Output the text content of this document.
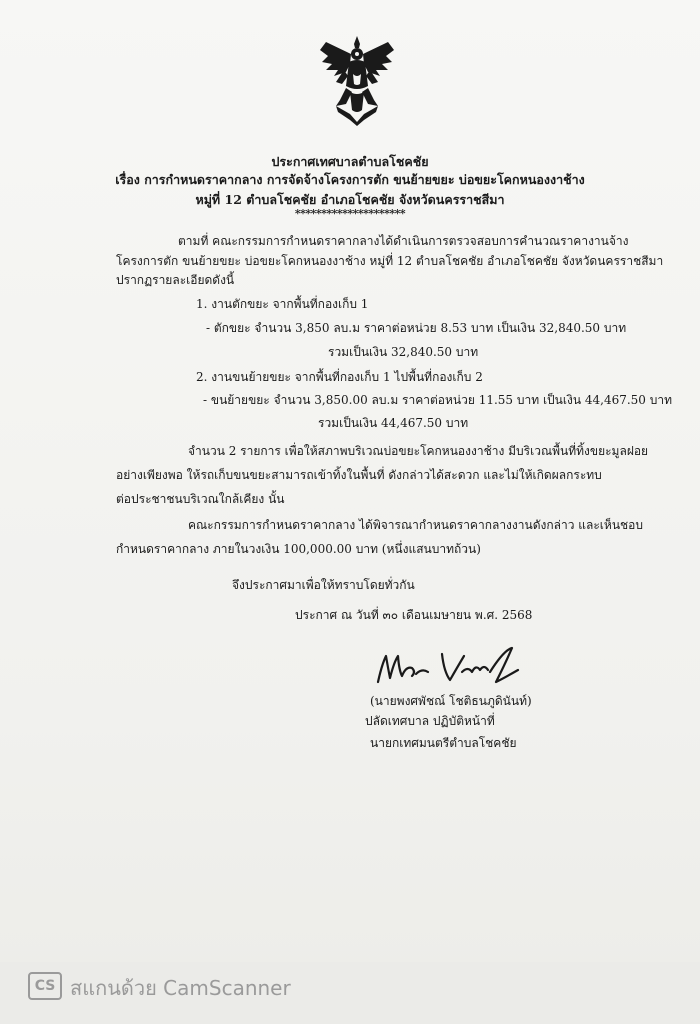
ประกาศเทศบาลตำบลโชคชัย
เรื่อง การกำหนดราคากลาง การจัดจ้างโครงการตัก ขนย้ายขยะ บ่อขยะโคกหนองงาช้าง
หมู่ที่ 12 ตำบลโชคชัย อำเภอโชคชัย จังหวัดนครราชสีมา
*********************
ตามที่ คณะกรรมการกำหนดราคากลางได้ดำเนินการตรวจสอบการคำนวณราคางานจ้าง
โครงการตัก ขนย้ายขยะ บ่อขยะโคกหนองงาช้าง หมู่ที่ 12 ตำบลโชคชัย อำเภอโชคชัย จังหวัดนครราชสีมา
ปรากฏรายละเอียดดังนี้
1. งานตักขยะ จากพื้นที่กองเก็บ 1
- ตักขยะ จำนวน 3,850 ลบ.ม ราคาต่อหน่วย 8.53 บาท เป็นเงิน 32,840.50 บาท
รวมเป็นเงิน 32,840.50 บาท
2. งานขนย้ายขยะ จากพื้นที่กองเก็บ 1 ไปพื้นที่กองเก็บ 2
- ขนย้ายขยะ จำนวน 3,850.00 ลบ.ม ราคาต่อหน่วย 11.55 บาท เป็นเงิน 44,467.50 บาท
รวมเป็นเงิน 44,467.50 บาท
จำนวน 2 รายการ เพื่อให้สภาพบริเวณบ่อขยะโคกหนองงาช้าง มีบริเวณพื้นที่ทิ้งขยะมูลฝอย
อย่างเพียงพอ ให้รถเก็บขนขยะสามารถเข้าทิ้งในพื้นที่ ดังกล่าวได้สะดวก และไม่ให้เกิดผลกระทบ
ต่อประชาชนบริเวณใกล้เคียง นั้น
คณะกรรมการกำหนดราคากลาง ได้พิจารณากำหนดราคากลางงานดังกล่าว และเห็นชอบ
กำหนดราคากลาง ภายในวงเงิน 100,000.00 บาท (หนึ่งแสนบาทถ้วน)
จึงประกาศมาเพื่อให้ทราบโดยทั่วกัน
ประกาศ ณ วันที่ ๓๐ เดือนเมษายน พ.ศ. 2568
(นายพงศพัชณ์ โชติธนภูดินันท์)
ปลัดเทศบาล ปฏิบัติหน้าที่
นายกเทศมนตรีตำบลโชคชัย
CS สแกนด้วย CamScanner
